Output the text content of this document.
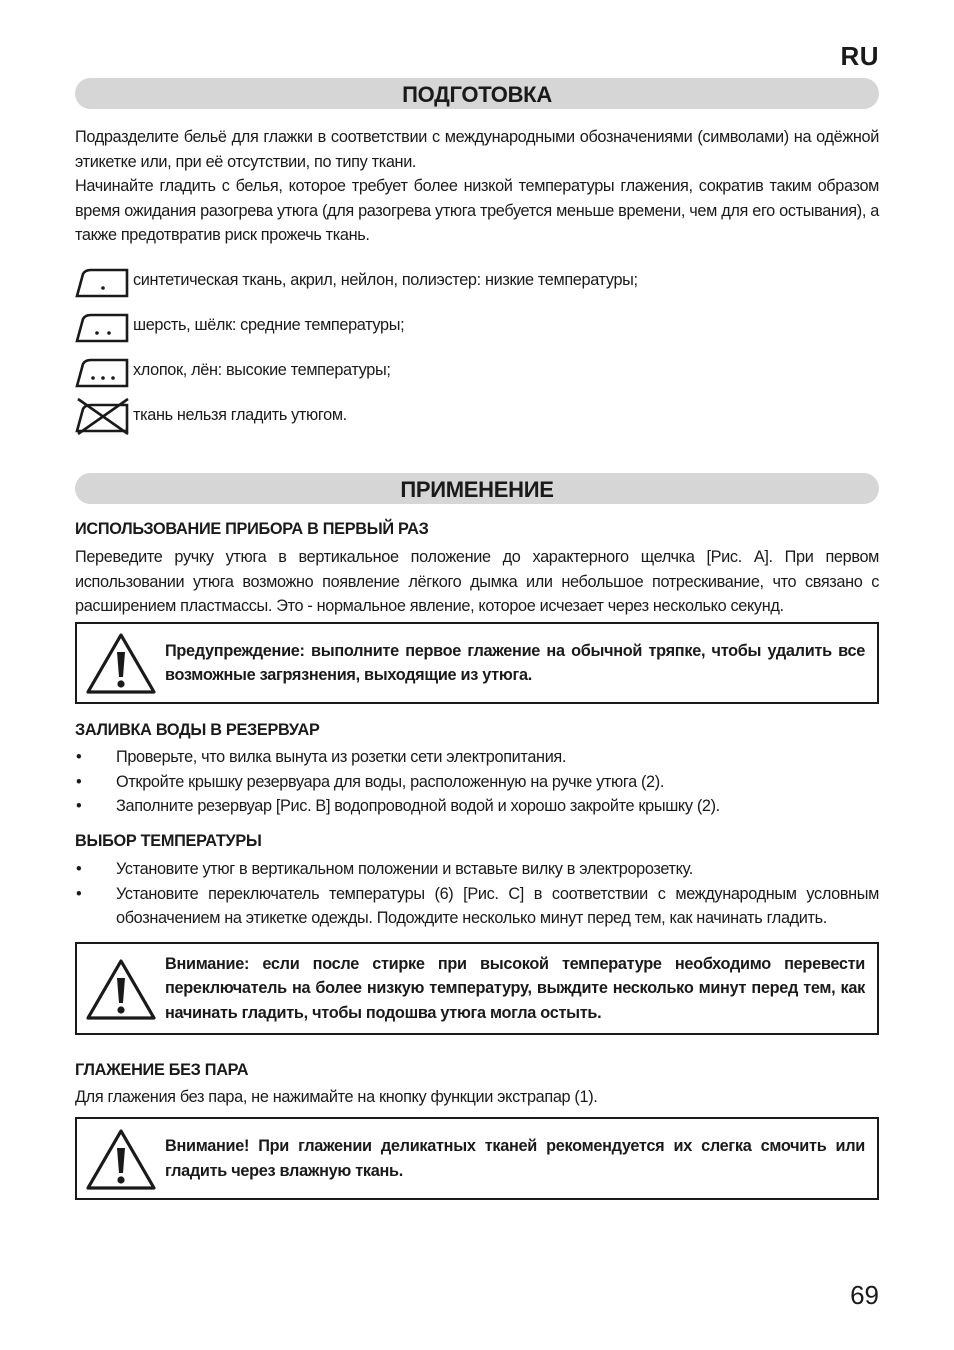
RU
ПОДГОТОВКА
Подразделите бельё для глажки в соответствии с международными обозначениями (символами) на одёжной этикетке или, при её отсутствии, по типу ткани.
Начинайте гладить с белья, которое требует более низкой температуры глажения, сократив таким образом время ожидания разогрева утюга (для разогрева утюга требуется меньше времени, чем для его остывания), а также предотвратив риск прожечь ткань.
синтетическая ткань, акрил, нейлон, полиэстер: низкие температуры;
шерсть, шёлк: средние температуры;
хлопок, лён: высокие температуры;
ткань нельзя гладить утюгом.
ПРИМЕНЕНИЕ
ИСПОЛЬЗОВАНИЕ ПРИБОРА В ПЕРВЫЙ РАЗ
Переведите ручку утюга в вертикальное положение до характерного щелчка [Рис. A]. При первом использовании утюга возможно появление лёгкого дымка или небольшое потрескивание, что связано с расширением пластмассы. Это - нормальное явление, которое исчезает через несколько секунд.
Предупреждение: выполните первое глажение на обычной тряпке, чтобы удалить все возможные загрязнения, выходящие из утюга.
ЗАЛИВКА ВОДЫ В РЕЗЕРВУАР
• Проверьте, что вилка вынута из розетки сети электропитания.
• Откройте крышку резервуара для воды, расположенную на ручке утюга (2).
• Заполните резервуар [Рис. B] водопроводной водой и хорошо закройте крышку (2).
ВЫБОР ТЕМПЕРАТУРЫ
• Установите утюг в вертикальном положении и вставьте вилку в электророзетку.
• Установите переключатель температуры (6) [Рис. C] в соответствии с международным условным обозначением на этикетке одежды. Подождите несколько минут перед тем, как начинать гладить.
Внимание: если после стирке при высокой температуре необходимо перевести переключатель на более низкую температуру, выждите несколько минут перед тем, как начинать гладить, чтобы подошва утюга могла остыть.
ГЛАЖЕНИЕ БЕЗ ПАРА
Для глажения без пара, не нажимайте на кнопку функции экстрапар (1).
Внимание! При глажении деликатных тканей рекомендуется их слегка смочить или гладить через влажную ткань.
69
